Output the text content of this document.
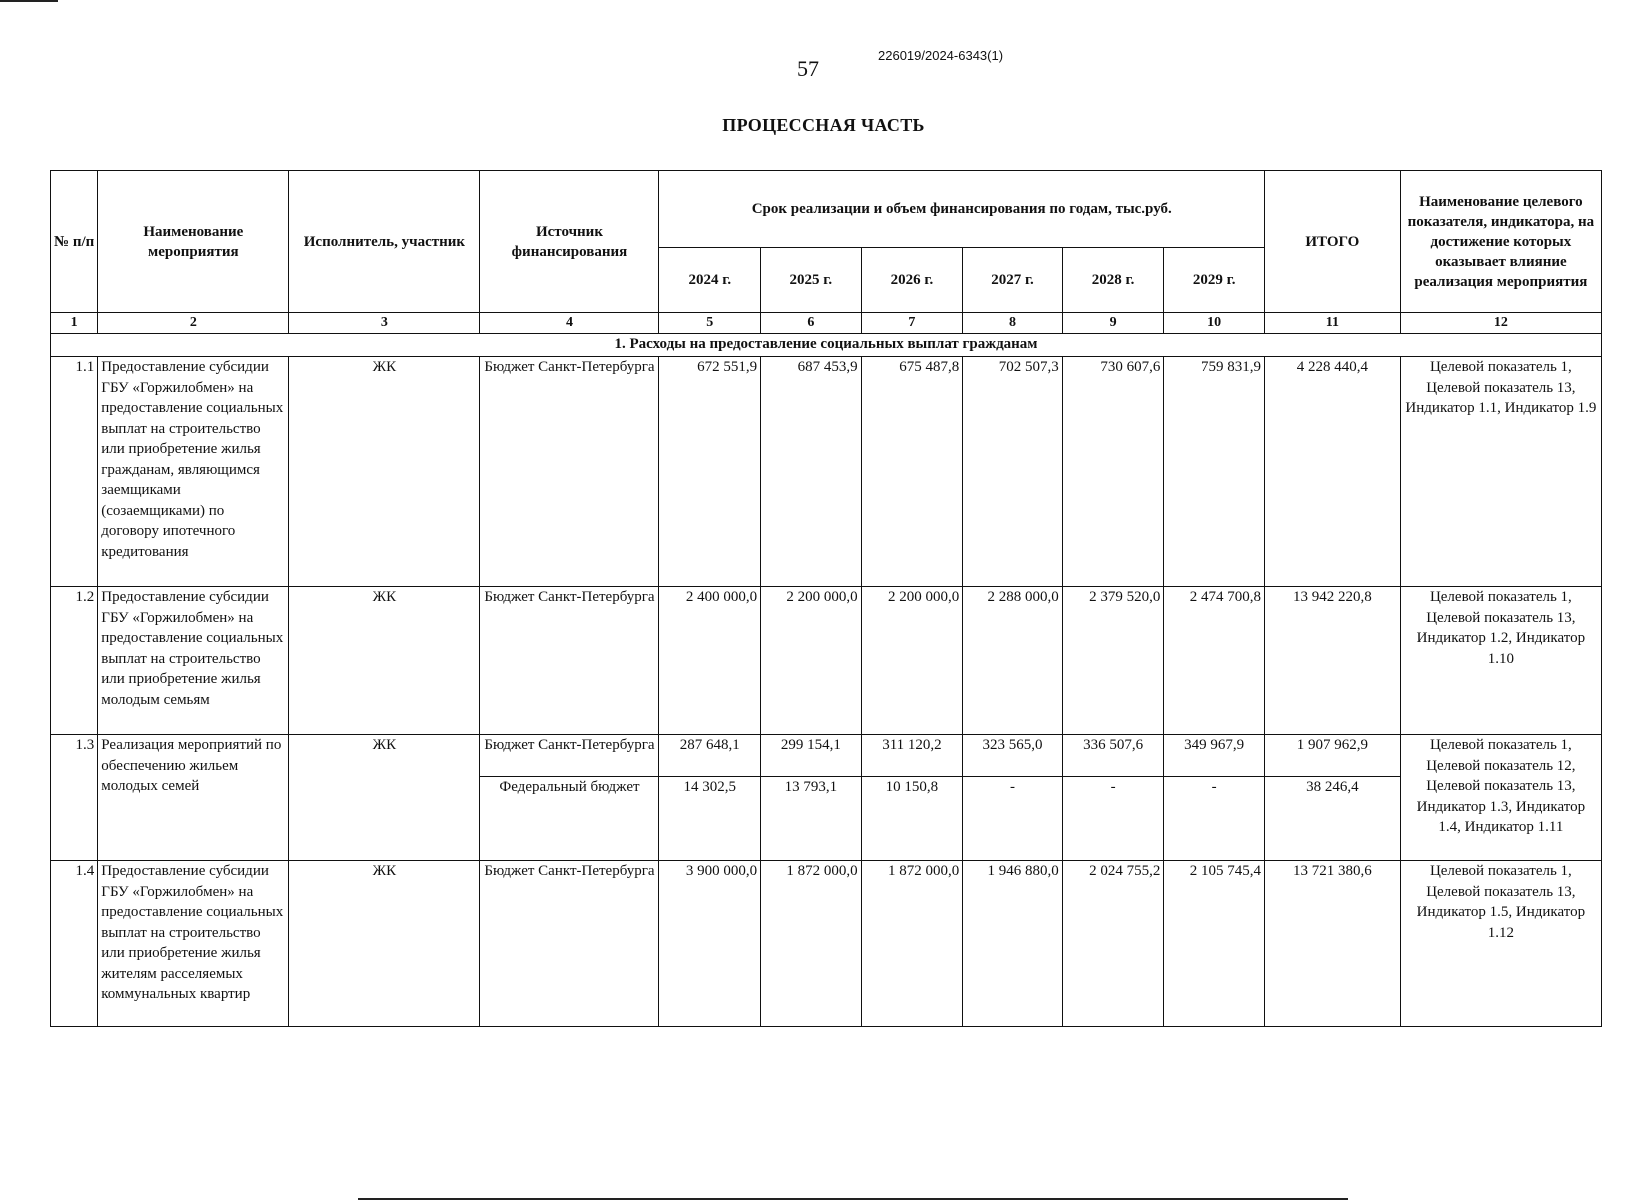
57
226019/2024-6343(1)
ПРОЦЕССНАЯ ЧАСТЬ
№ п/п	Наименование мероприятия	Исполнитель, участник	Источник финансирования	Срок реализации и объем финансирования по годам, тыс.руб.						ИТОГО	Наименование целевого показателя, индикатора, на достижение которых оказывает влияние реализация мероприятия
				2024 г.	2025 г.	2026 г.	2027 г.	2028 г.	2029 г.		
1	2	3	4	5	6	7	8	9	10	11	12
1. Расходы на предоставление социальных выплат гражданам											
1.1	Предоставление субсидии ГБУ «Горжилобмен» на предоставление социальных выплат на строительство или приобретение жилья гражданам, являющимся заемщиками (созаемщиками) по договору ипотечного кредитования	ЖК	Бюджет Санкт-Петербурга	672 551,9	687 453,9	675 487,8	702 507,3	730 607,6	759 831,9	4 228 440,4	Целевой показатель 1, Целевой показатель 13, Индикатор 1.1, Индикатор 1.9
1.2	Предоставление субсидии ГБУ «Горжилобмен» на предоставление социальных выплат на строительство или приобретение жилья молодым семьям	ЖК	Бюджет Санкт-Петербурга	2 400 000,0	2 200 000,0	2 200 000,0	2 288 000,0	2 379 520,0	2 474 700,8	13 942 220,8	Целевой показатель 1, Целевой показатель 13, Индикатор 1.2, Индикатор 1.10
1.3	Реализация мероприятий по обеспечению жильем молодых семей	ЖК	Бюджет Санкт-Петербурга	287 648,1	299 154,1	311 120,2	323 565,0	336 507,6	349 967,9	1 907 962,9	Целевой показатель 1, Целевой показатель 12, Целевой показатель 13, Индикатор 1.3, Индикатор 1.4, Индикатор 1.11
			Федеральный бюджет	14 302,5	13 793,1	10 150,8	-	-	-	38 246,4	
1.4	Предоставление субсидии ГБУ «Горжилобмен» на предоставление социальных выплат на строительство или приобретение жилья жителям расселяемых коммунальных квартир	ЖК	Бюджет Санкт-Петербурга	3 900 000,0	1 872 000,0	1 872 000,0	1 946 880,0	2 024 755,2	2 105 745,4	13 721 380,6	Целевой показатель 1, Целевой показатель 13, Индикатор 1.5, Индикатор 1.12
